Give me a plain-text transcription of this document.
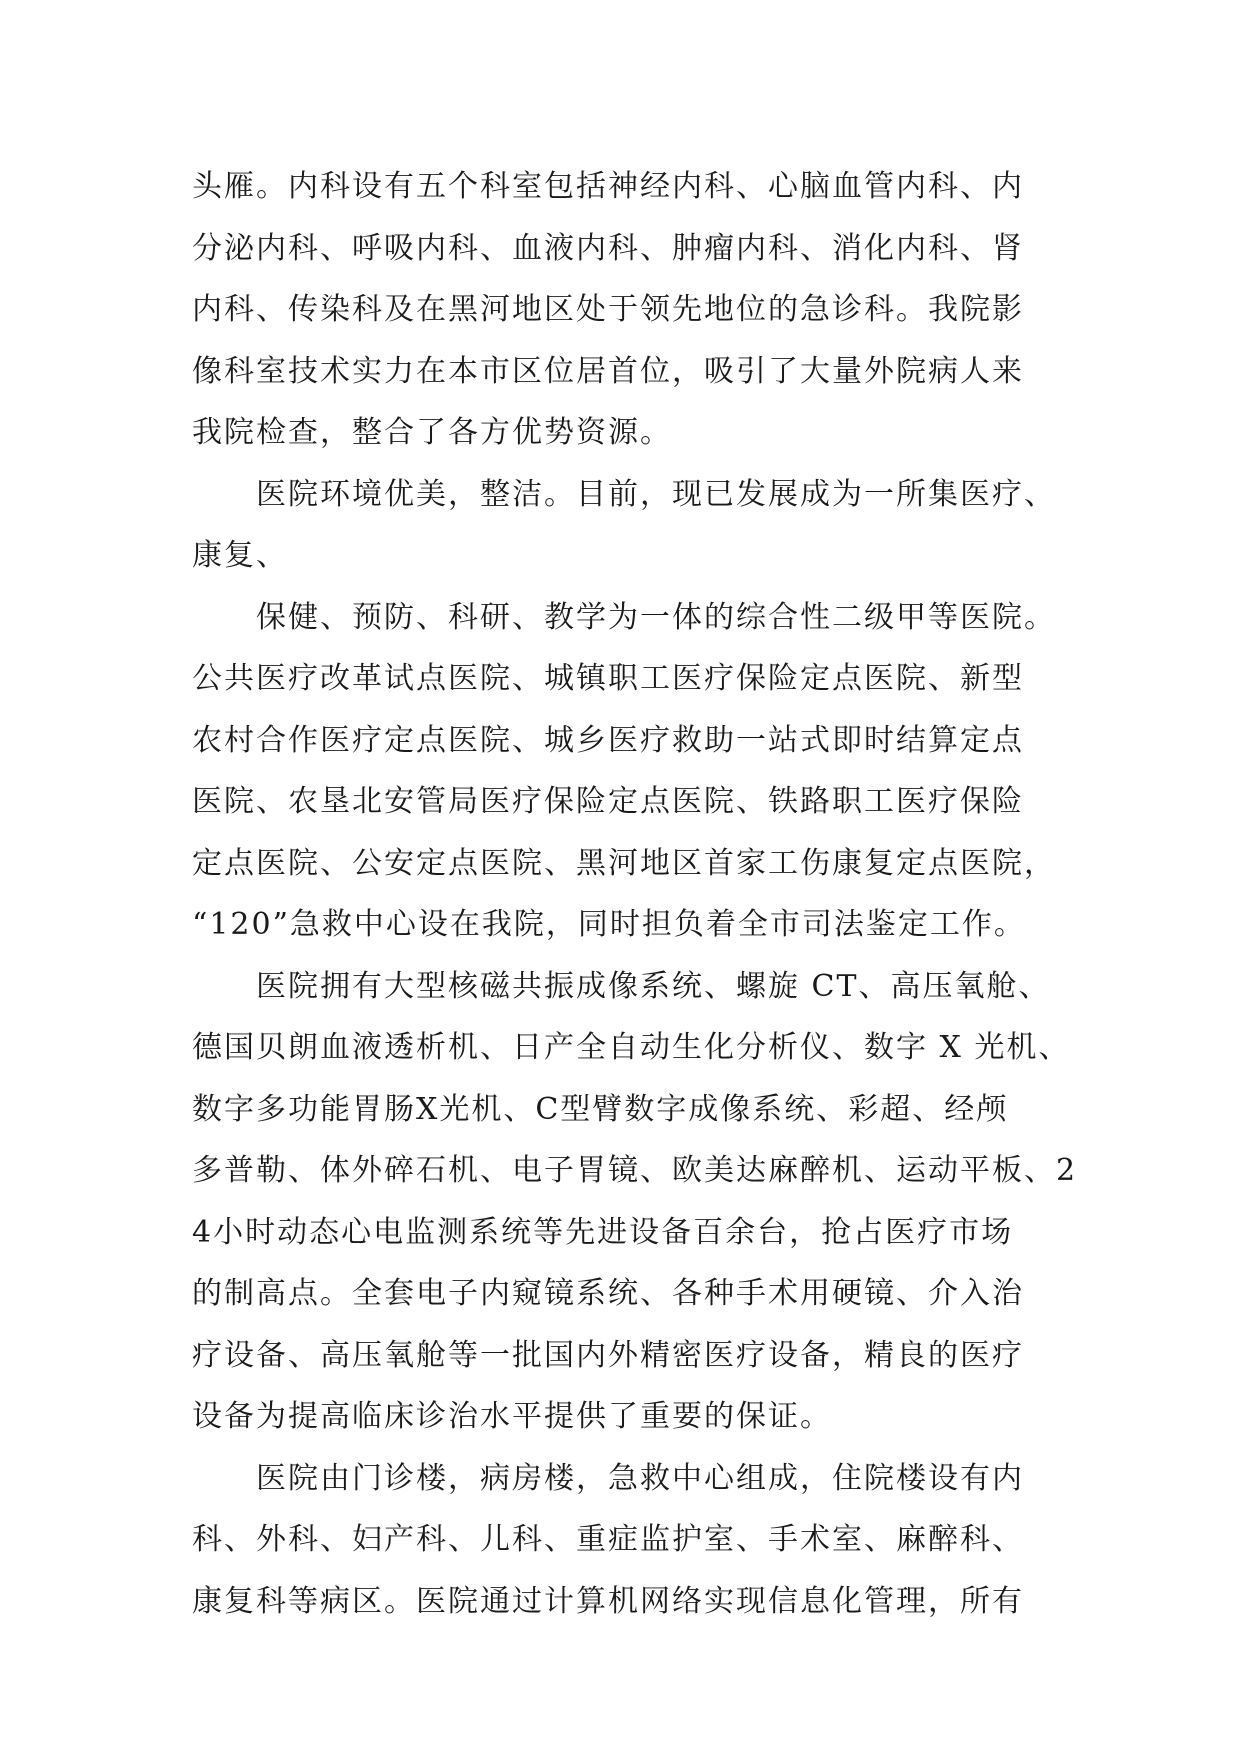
头雁。内科设有五个科室包括神经内科、心脑血管内科、内
分泌内科、呼吸内科、血液内科、肿瘤内科、消化内科、肾
内科、传染科及在黑河地区处于领先地位的急诊科。我院影
像科室技术实力在本市区位居首位，吸引了大量外院病人来
我院检查，整合了各方优势资源。
医院环境优美，整洁。目前，现已发展成为一所集医疗、
康复、
保健、预防、科研、教学为一体的综合性二级甲等医院。
公共医疗改革试点医院、城镇职工医疗保险定点医院、新型
农村合作医疗定点医院、城乡医疗救助一站式即时结算定点
医院、农垦北安管局医疗保险定点医院、铁路职工医疗保险
定点医院、公安定点医院、黑河地区首家工伤康复定点医院，
“120”急救中心设在我院，同时担负着全市司法鉴定工作。
医院拥有大型核磁共振成像系统、螺旋 CT、高压氧舱、
德国贝朗血液透析机、日产全自动生化分析仪、数字 X 光机、
数字多功能胃肠X光机、C型臂数字成像系统、彩超、经颅
多普勒、体外碎石机、电子胃镜、欧美达麻醉机、运动平板、2
4小时动态心电监测系统等先进设备百余台，抢占医疗市场
的制高点。全套电子内窥镜系统、各种手术用硬镜、介入治
疗设备、高压氧舱等一批国内外精密医疗设备，精良的医疗
设备为提高临床诊治水平提供了重要的保证。
医院由门诊楼，病房楼，急救中心组成，住院楼设有内
科、外科、妇产科、儿科、重症监护室、手术室、麻醉科、
康复科等病区。医院通过计算机网络实现信息化管理，所有
